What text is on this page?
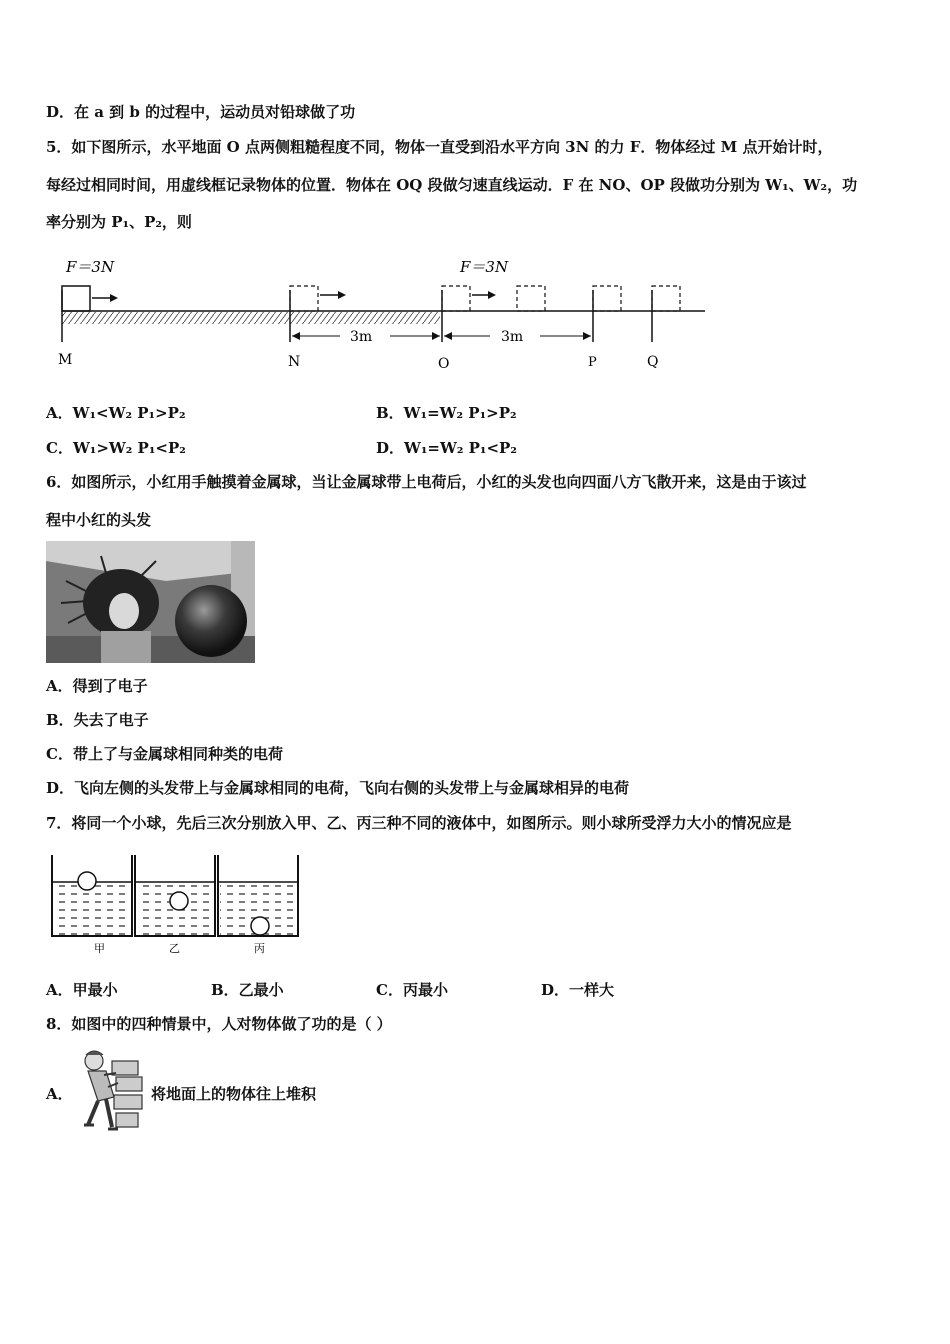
D．在 a 到 b 的过程中，运动员对铅球做了功
5．如下图所示，水平地面 O 点两侧粗糙程度不同，物体一直受到沿水平方向 3N 的力 F．物体经过 M 点开始计时，
每经过相同时间，用虚线框记录物体的位置．物体在 OQ 段做匀速直线运动．F 在 NO、OP 段做功分别为 W₁、W₂，功
率分别为 P₁、P₂，则
F＝3N	F＝3N
3m	3m
M	N	O	P	Q
A．W₁<W₂ P₁>P₂	B．W₁=W₂ P₁>P₂
C．W₁>W₂ P₁<P₂	D．W₁=W₂ P₁<P₂
6．如图所示，小红用手触摸着金属球，当让金属球带上电荷后，小红的头发也向四面八方飞散开来，这是由于该过
程中小红的头发
A．得到了电子
B．失去了电子
C．带上了与金属球相同种类的电荷
D．飞向左侧的头发带上与金属球相同的电荷，飞向右侧的头发带上与金属球相异的电荷
7．将同一个小球，先后三次分别放入甲、乙、丙三种不同的液体中，如图所示。则小球所受浮力大小的情况应是
甲	乙	丙
A．甲最小	B．乙最小	C．丙最小	D．一样大
8．如图中的四种情景中，人对物体做了功的是（ ）
A．	将地面上的物体往上堆积
